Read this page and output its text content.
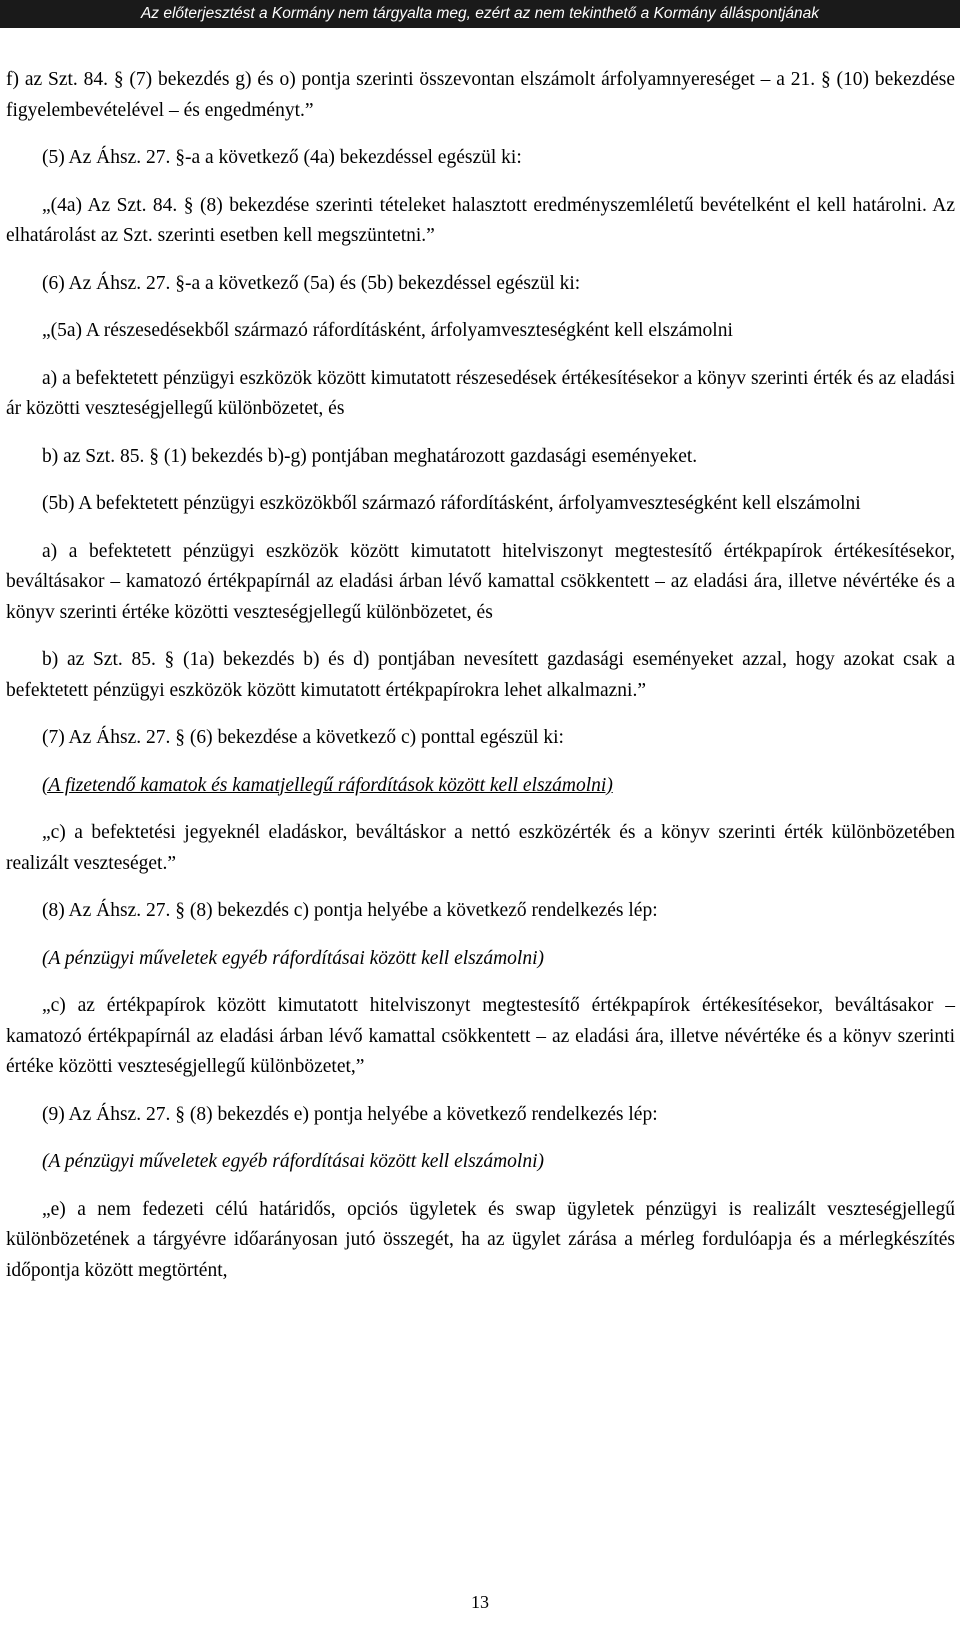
Az előterjesztést a Kormány nem tárgyalta meg, ezért az nem tekinthető a Kormány álláspontjának

f) az Szt. 84. § (7) bekezdés g) és o) pontja szerinti összevontan elszámolt árfolyamnyereséget – a 21. § (10) bekezdése figyelembevételével – és engedményt.”

(5) Az Áhsz. 27. §-a a következő (4a) bekezdéssel egészül ki:

„(4a) Az Szt. 84. § (8) bekezdése szerinti tételeket halasztott eredményszemléletű bevételként el kell határolni. Az elhatárolást az Szt. szerinti esetben kell megszüntetni.”

(6) Az Áhsz. 27. §-a a következő (5a) és (5b) bekezdéssel egészül ki:

„(5a) A részesedésekből származó ráfordításként, árfolyamveszteségként kell elszámolni

a) a befektetett pénzügyi eszközök között kimutatott részesedések értékesítésekor a könyv szerinti érték és az eladási ár közötti veszteségjellegű különbözetet, és

b) az Szt. 85. § (1) bekezdés b)-g) pontjában meghatározott gazdasági eseményeket.

(5b) A befektetett pénzügyi eszközökből származó ráfordításként, árfolyamveszteségként kell elszámolni

a) a befektetett pénzügyi eszközök között kimutatott hitelviszonyt megtestesítő értékpapírok értékesítésekor, beváltásakor – kamatozó értékpapírnál az eladási árban lévő kamattal csökkentett – az eladási ára, illetve névértéke és a könyv szerinti értéke közötti veszteségjellegű különbözetet, és

b) az Szt. 85. § (1a) bekezdés b) és d) pontjában nevesített gazdasági eseményeket azzal, hogy azokat csak a befektetett pénzügyi eszközök között kimutatott értékpapírokra lehet alkalmazni.”

(7) Az Áhsz. 27. § (6) bekezdése a következő c) ponttal egészül ki:

(A fizetendő kamatok és kamatjellegű ráfordítások között kell elszámolni)

„c) a befektetési jegyeknél eladáskor, beváltáskor a nettó eszközérték és a könyv szerinti érték különbözetében realizált veszteséget.”

(8) Az Áhsz. 27. § (8) bekezdés c) pontja helyébe a következő rendelkezés lép:

(A pénzügyi műveletek egyéb ráfordításai között kell elszámolni)

„c) az értékpapírok között kimutatott hitelviszonyt megtestesítő értékpapírok értékesítésekor, beváltásakor – kamatozó értékpapírnál az eladási árban lévő kamattal csökkentett – az eladási ára, illetve névértéke és a könyv szerinti értéke közötti veszteségjellegű különbözetet,”

(9) Az Áhsz. 27. § (8) bekezdés e) pontja helyébe a következő rendelkezés lép:

(A pénzügyi műveletek egyéb ráfordításai között kell elszámolni)

„e) a nem fedezeti célú határidős, opciós ügyletek és swap ügyletek pénzügyi is realizált veszteségjellegű különbözetének a tárgyévre időarányosan jutó összegét, ha az ügylet zárása a mérleg fordulóapja és a mérlegkészítés időpontja között megtörtént,

13
